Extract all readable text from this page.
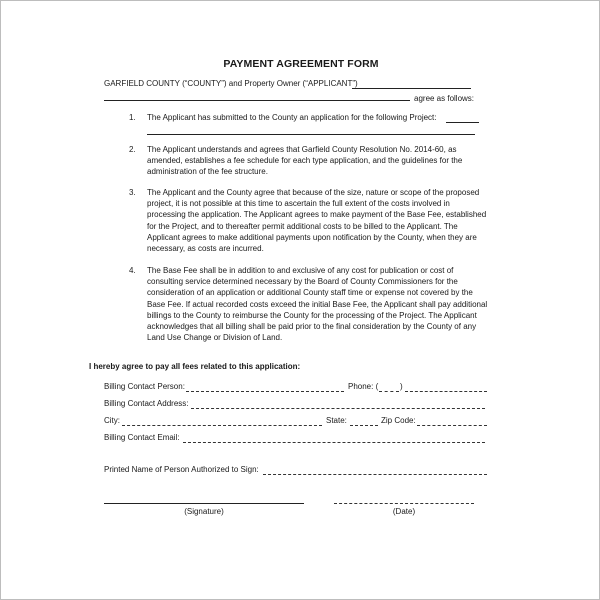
PAYMENT AGREEMENT FORM
GARFIELD COUNTY (“COUNTY”) and Property Owner (“APPLICANT”)
agree as follows:
1. The Applicant has submitted to the County an application for the following Project:
2. The Applicant understands and agrees that Garfield County Resolution No. 2014-60, as amended, establishes a fee schedule for each type application, and the guidelines for the administration of the fee structure.
3. The Applicant and the County agree that because of the size, nature or scope of the proposed project, it is not possible at this time to ascertain the full extent of the costs involved in processing the application. The Applicant agrees to make payment of the Base Fee, established for the Project, and to thereafter permit additional costs to be billed to the Applicant. The Applicant agrees to make additional payments upon notification by the County, when they are necessary, as costs are incurred.
4. The Base Fee shall be in addition to and exclusive of any cost for publication or cost of consulting service determined necessary by the Board of County Commissioners for the consideration of an application or additional County staff time or expense not covered by the Base Fee. If actual recorded costs exceed the initial Base Fee, the Applicant shall pay additional billings to the County to reimburse the County for the processing of the Project. The Applicant acknowledges that all billing shall be paid prior to the final consideration by the County of any Land Use Change or Division of Land.
I hereby agree to pay all fees related to this application:
Billing Contact Person:	Phone: (	)
Billing Contact Address:
City:	State:	Zip Code:
Billing Contact Email:
Printed Name of Person Authorized to Sign:
(Signature)	(Date)
